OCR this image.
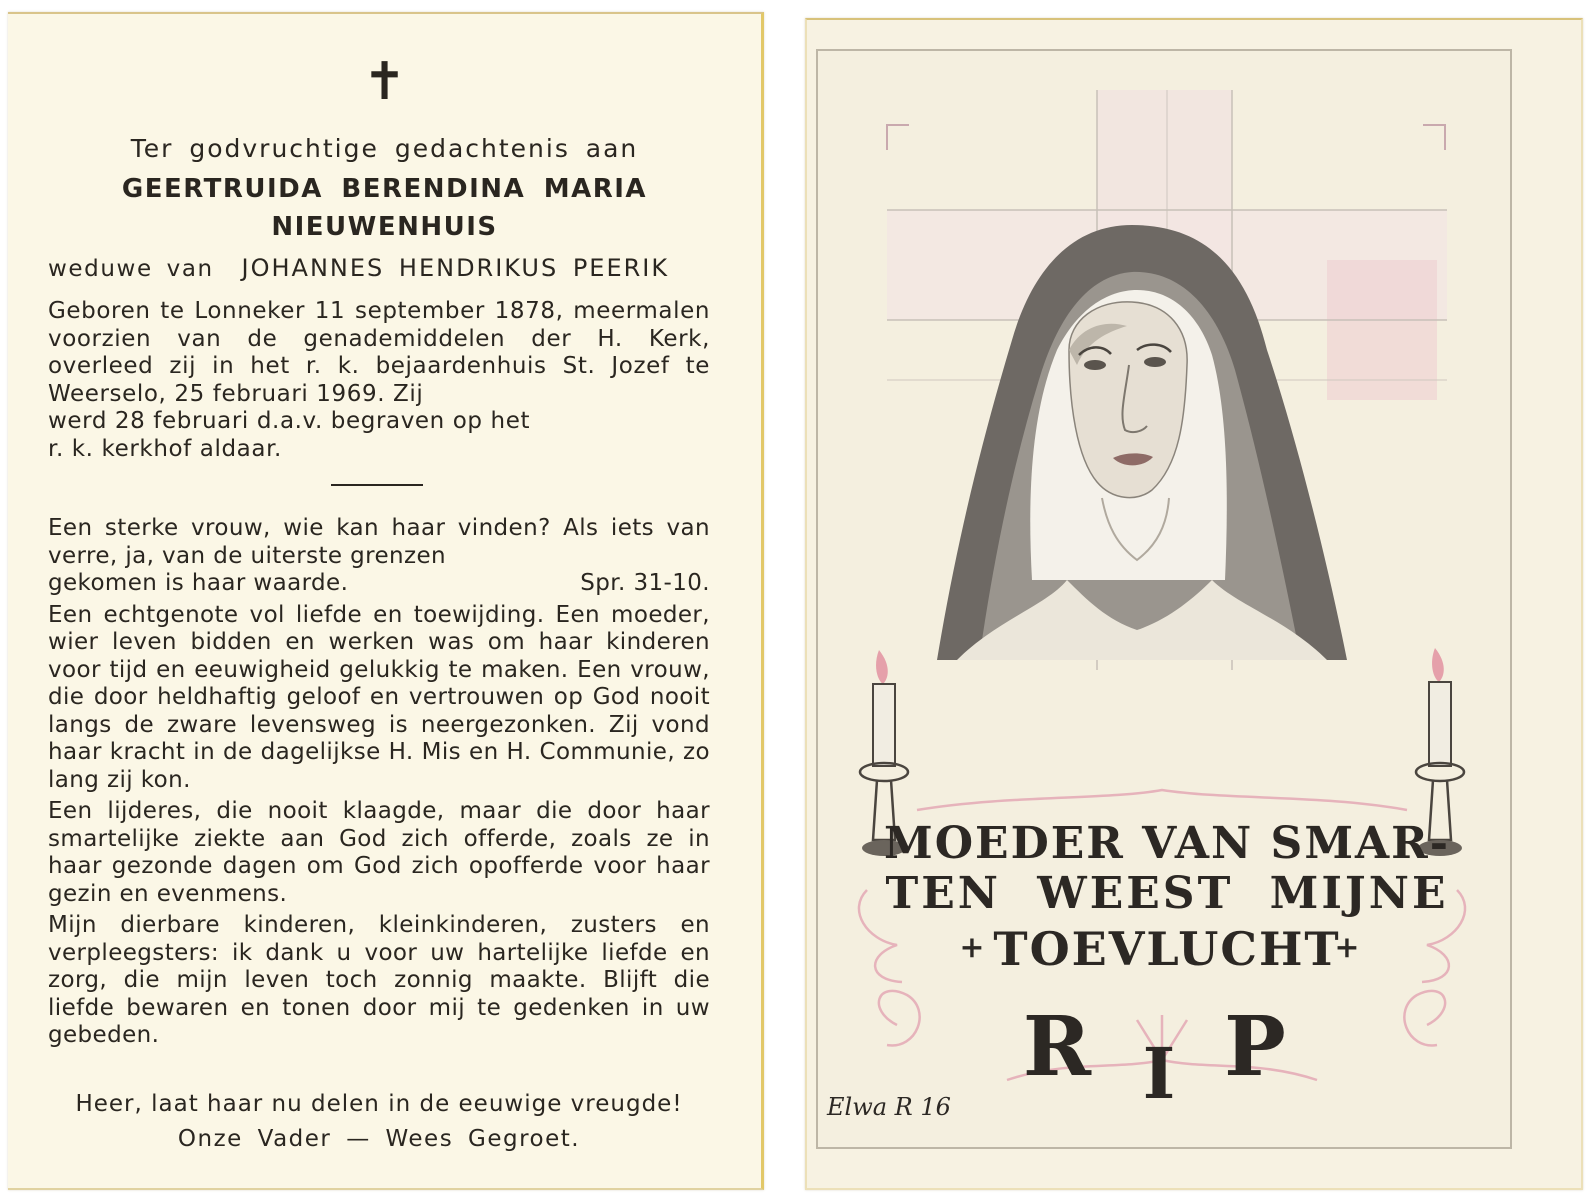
✝

Ter godvruchtige gedachtenis aan

GEERTRUIDA BERENDINA MARIA

NIEUWENHUIS

weduwe van JOHANNES HENDRIKUS PEERIK

Geboren te Lonneker 11 september 1878, meermalen voorzien van de genademiddelen der H. Kerk, overleed zij in het r. k. bejaardenhuis St. Jozef te Weerselo, 25 februari 1969. Zij
werd 28 februari d.a.v. begraven op het
r. k. kerkhof aldaar.

Een sterke vrouw, wie kan haar vinden? Als iets van verre, ja, van de uiterste grenzen
gekomen is haar waarde.	Spr. 31-10.

Een echtgenote vol liefde en toewijding. Een moeder, wier leven bidden en werken was om haar kinderen voor tijd en eeuwigheid gelukkig te maken. Een vrouw, die door heldhaftig geloof en vertrouwen op God nooit langs de zware levensweg is neergezonken. Zij vond haar kracht in de dagelijkse H. Mis en H. Communie, zo lang zij kon.

Een lijderes, die nooit klaagde, maar die door haar smartelijke ziekte aan God zich offerde, zoals ze in haar gezonde dagen om God zich opofferde voor haar gezin en evenmens.

Mijn dierbare kinderen, kleinkinderen, zusters en verpleegsters: ik dank u voor uw hartelijke liefde en zorg, die mijn leven toch zonnig maakte. Blijft die liefde bewaren en tonen door mij te gedenken in uw gebeden.

Heer, laat haar nu delen in de eeuwige vreugde!
Onze Vader — Wees Gegroet.
MOEDER VAN SMAR-
TEN WEEST MIJNE
+ TOEVLUCHT
+
R I P
Elwa R 16
